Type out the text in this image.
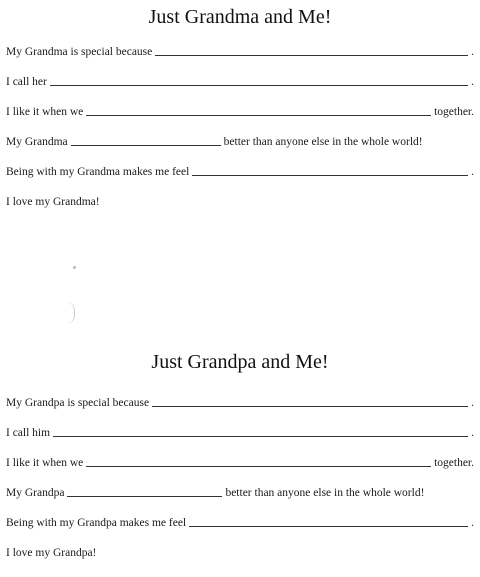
Just Grandma and Me!
My Grandma is special because	.
I call her	.
I like it when we	together.
My Grandma	better than anyone else in the whole world!
Being with my Grandma makes me feel	.
I love my Grandma!
Just Grandpa and Me!
My Grandpa is special because	.
I call him	.
I like it when we	together.
My Grandpa	better than anyone else in the whole world!
Being with my Grandpa makes me feel	.
I love my Grandpa!
